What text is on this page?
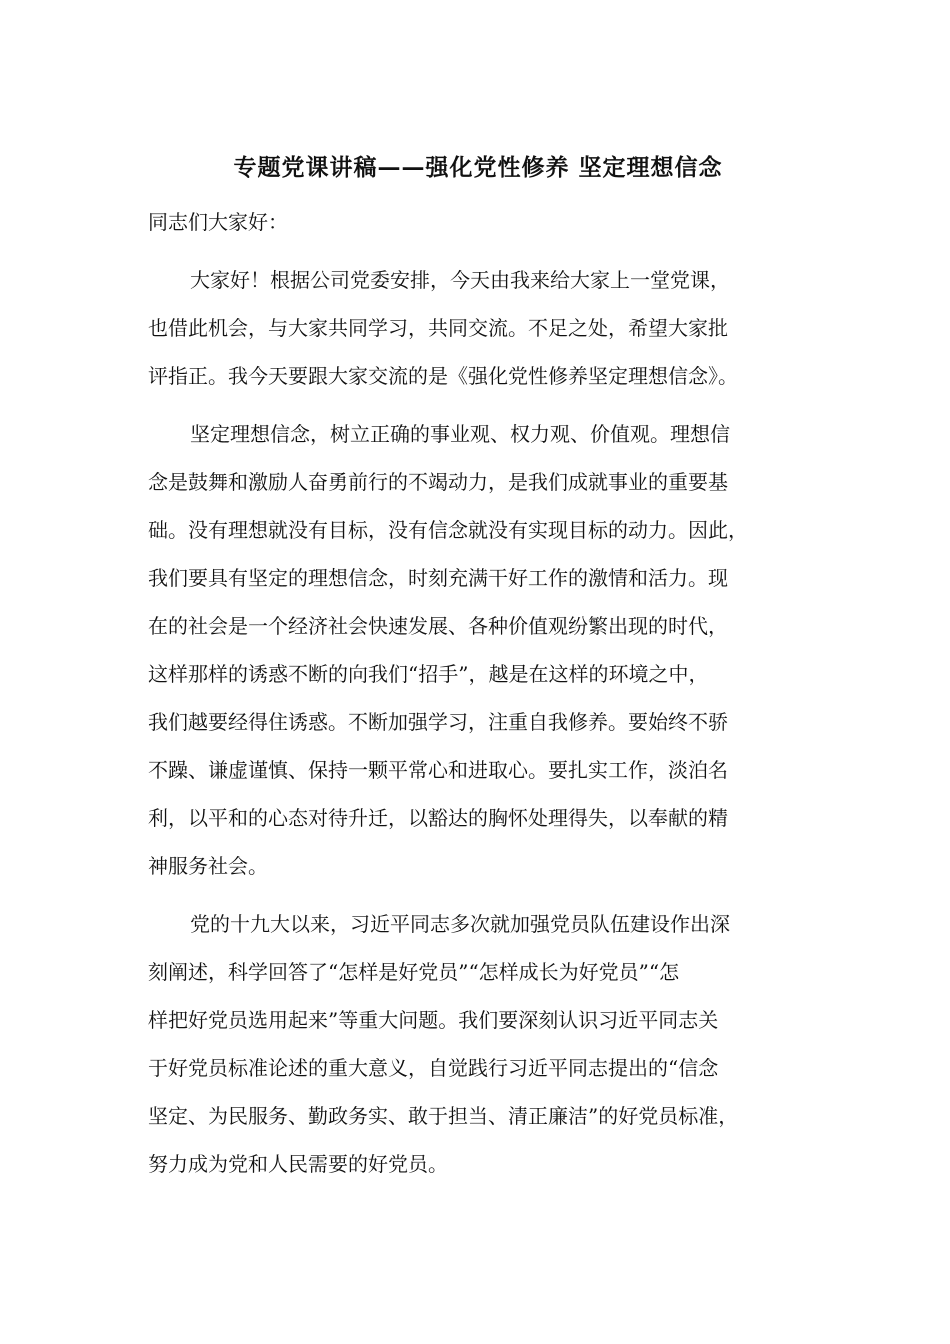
专题党课讲稿——强化党性修养 坚定理想信念
同志们大家好：
大家好！根据公司党委安排，今天由我来给大家上一堂党课，
也借此机会，与大家共同学习，共同交流。不足之处，希望大家批
评指正。我今天要跟大家交流的是《强化党性修养坚定理想信念》。
坚定理想信念，树立正确的事业观、权力观、价值观。理想信
念是鼓舞和激励人奋勇前行的不竭动力，是我们成就事业的重要基
础。没有理想就没有目标，没有信念就没有实现目标的动力。因此，
我们要具有坚定的理想信念，时刻充满干好工作的激情和活力。现
在的社会是一个经济社会快速发展、各种价值观纷繁出现的时代，
这样那样的诱惑不断的向我们“招手”，越是在这样的环境之中，
我们越要经得住诱惑。不断加强学习，注重自我修养。要始终不骄
不躁、谦虚谨慎、保持一颗平常心和进取心。要扎实工作，淡泊名
利，以平和的心态对待升迁，以豁达的胸怀处理得失，以奉献的精
神服务社会。
党的十九大以来，习近平同志多次就加强党员队伍建设作出深
刻阐述，科学回答了“怎样是好党员”“怎样成长为好党员”“怎
样把好党员选用起来”等重大问题。我们要深刻认识习近平同志关
于好党员标准论述的重大意义，自觉践行习近平同志提出的“信念
坚定、为民服务、勤政务实、敢于担当、清正廉洁”的好党员标准，
努力成为党和人民需要的好党员。
